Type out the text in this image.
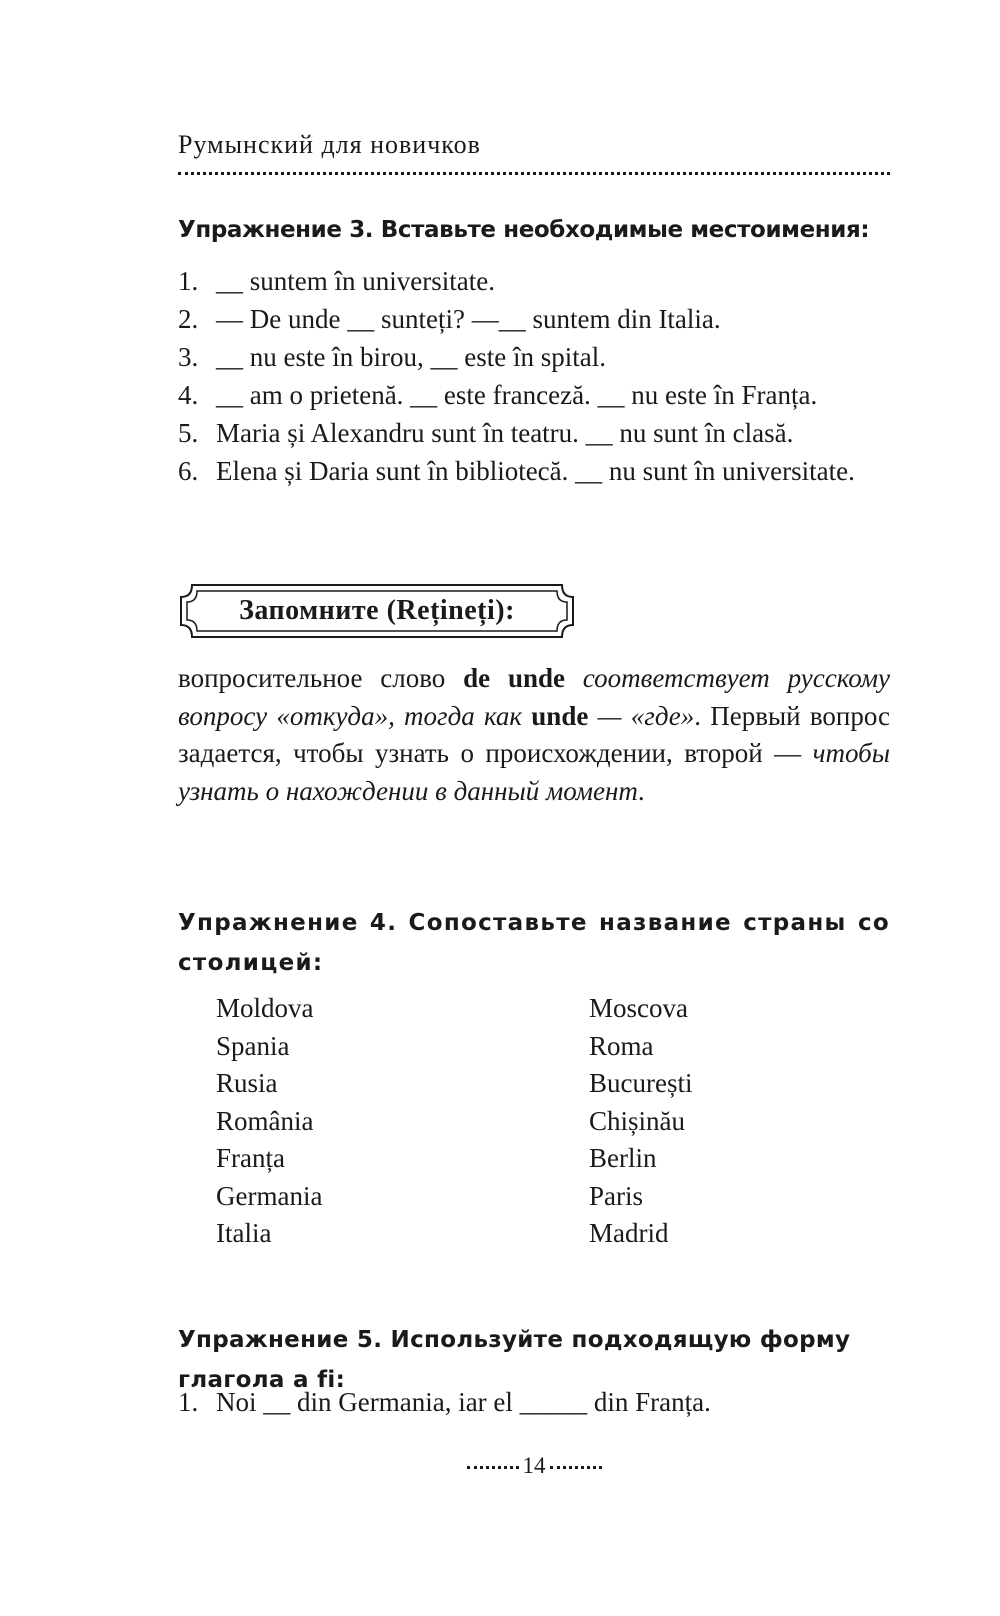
Румынский для новичков
Упражнение 3. Вставьте необходимые местоимения:
1. __ suntem în universitate.
2. — De unde __ sunteți? —__ suntem din Italia.
3. __ nu este în birou, __ este în spital.
4. __ am o prietenă. __ este franceză. __ nu este în Franța.
5. Maria și Alexandru sunt în teatru. __ nu sunt în clasă.
6. Elena și Daria sunt în bibliotecă. __ nu sunt în universitate.
Запомните (Rețineți):

вопросительное слово de unde соответствует русскому вопросу «откуда», тогда как unde — «где». Первый вопрос задается, чтобы узнать о происхождении, второй — чтобы узнать о нахождении в данный момент.

Упражнение 4. Сопоставьте название страны со столицей:
Moldova
Spania
Rusia
România
Franța
Germania
Italia
Moscova
Roma
București
Chișinău
Berlin
Paris
Madrid
Упражнение 5. Используйте подходящую форму глагола a fi:
1. Noi __ din Germania, iar el _____ din Franța.
14
